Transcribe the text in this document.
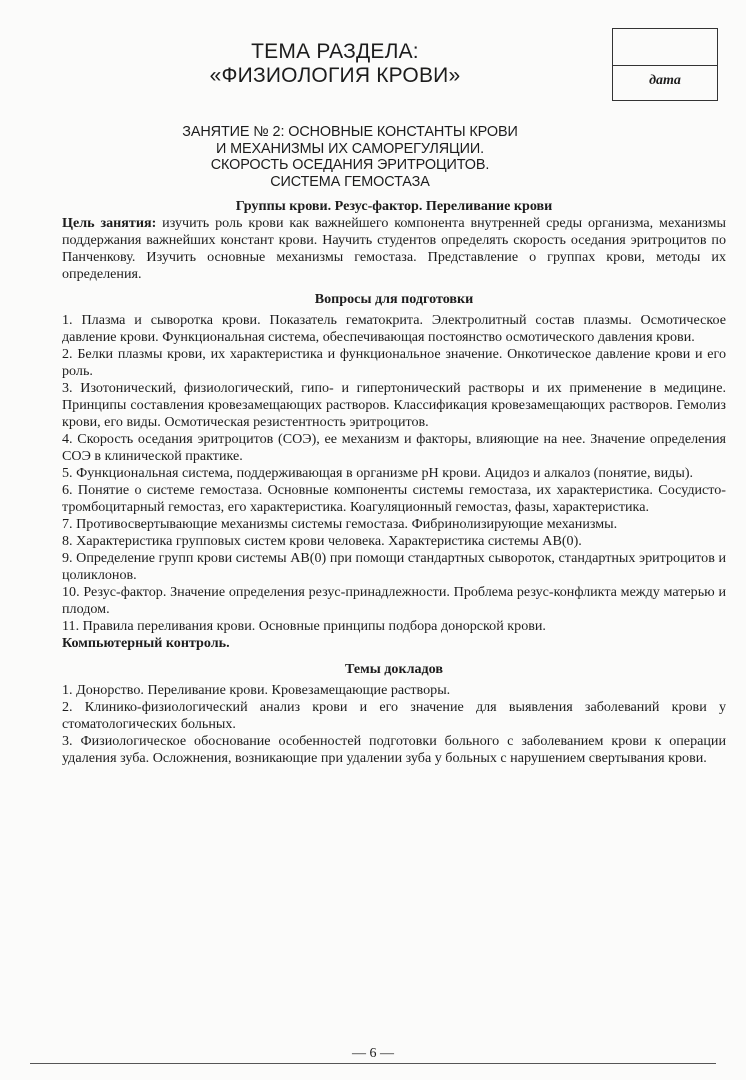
ТЕМА РАЗДЕЛА:
«ФИЗИОЛОГИЯ КРОВИ»	дата
ЗАНЯТИЕ № 2: ОСНОВНЫЕ КОНСТАНТЫ КРОВИ
И МЕХАНИЗМЫ ИХ САМОРЕГУЛЯЦИИ.
СКОРОСТЬ ОСЕДАНИЯ ЭРИТРОЦИТОВ.
СИСТЕМА ГЕМОСТАЗА
Группы крови. Резус-фактор. Переливание крови

Цель занятия: изучить роль крови как важнейшего компонента внутренней среды организма, механизмы поддержания важнейших констант крови. Научить студентов определять скорость оседания эритроцитов по Панченкову. Изучить основные механизмы гемостаза. Представление о группах крови, методы их определения.

Вопросы для подготовки

1. Плазма и сыворотка крови. Показатель гематокрита. Электролитный состав плазмы. Осмотическое давление крови. Функциональная система, обеспечивающая постоянство осмотического давления крови.

2. Белки плазмы крови, их характеристика и функциональное значение. Онкотическое давление крови и его роль.

3. Изотонический, физиологический, гипо- и гипертонический растворы и их применение в медицине. Принципы составления кровезамещающих растворов. Классификация кровезамещающих растворов. Гемолиз крови, его виды. Осмотическая резистентность эритроцитов.

4. Скорость оседания эритроцитов (СОЭ), ее механизм и факторы, влияющие на нее. Значение определения СОЭ в клинической практике.

5. Функциональная система, поддерживающая в организме pH крови. Ацидоз и алкалоз (понятие, виды).

6. Понятие о системе гемостаза. Основные компоненты системы гемостаза, их характеристика. Сосудисто-тромбоцитарный гемостаз, его характеристика. Коагуляционный гемостаз, фазы, характеристика.

7. Противосвертывающие механизмы системы гемостаза. Фибринолизирующие механизмы.

8. Характеристика групповых систем крови человека. Характеристика системы АВ(0).

9. Определение групп крови системы АВ(0) при помощи стандартных сывороток, стандартных эритроцитов и цоликлонов.

10. Резус-фактор. Значение определения резус-принадлежности. Проблема резус-конфликта между матерью и плодом.

11. Правила переливания крови. Основные принципы подбора донорской крови.

Компьютерный контроль.

Темы докладов

1. Донорство. Переливание крови. Кровезамещающие растворы.

2. Клинико-физиологический анализ крови и его значение для выявления заболеваний крови у стоматологических больных.

3. Физиологическое обоснование особенностей подготовки больного с заболеванием крови к операции удаления зуба. Осложнения, возникающие при удалении зуба у больных с нарушением свертывания крови.

— 6 —
